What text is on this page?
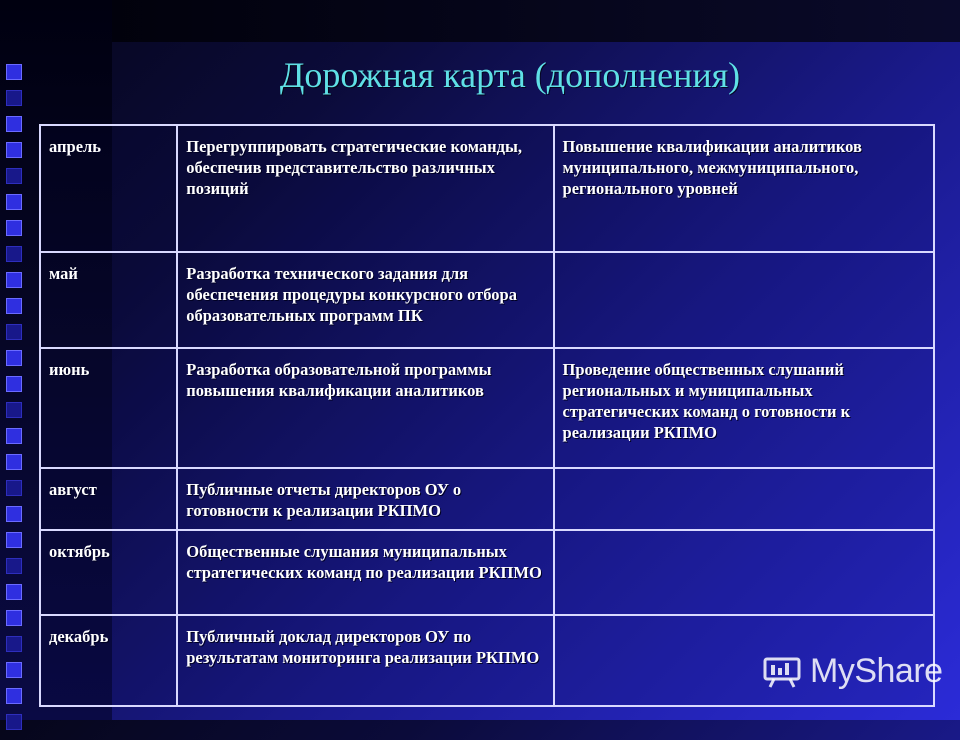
Дорожная карта (дополнения)
апрель	Перегруппировать стратегические команды, обеспечив представительство различных позиций	Повышение квалификации аналитиков муниципального, межмуниципального, регионального уровней
май	Разработка технического задания для обеспечения процедуры конкурсного отбора образовательных программ ПК	
июнь	Разработка образовательной программы повышения квалификации аналитиков	Проведение общественных слушаний региональных и муниципальных стратегических команд о готовности к реализации РКПМО
август	Публичные отчеты директоров ОУ о готовности к реализации РКПМО	
октябрь	Общественные слушания муниципальных стратегических команд по реализации РКПМО	
декабрь	Публичный доклад директоров ОУ по результатам мониторинга реализации РКПМО		MyShare
